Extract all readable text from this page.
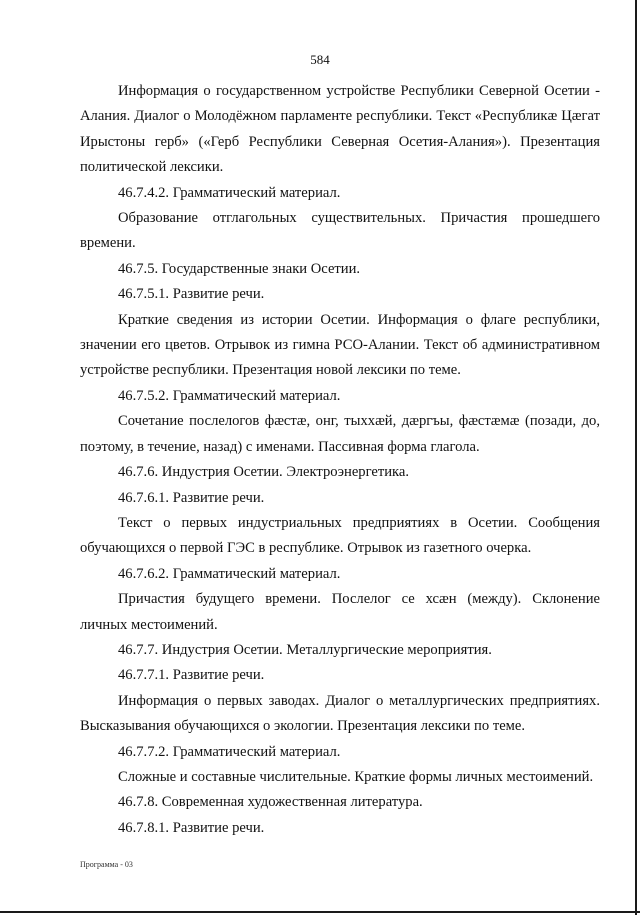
584

Информация о государственном устройстве Республики Северной Осетии - Алания. Диалог о Молодёжном парламенте республики. Текст «Республикæ Цæгат Ирыстоны герб» («Герб Республики Северная Осетия-Алания»). Презентация политической лексики.

46.7.4.2. Грамматический материал.

Образование отглагольных существительных. Причастия прошедшего времени.

46.7.5. Государственные знаки Осетии.

46.7.5.1. Развитие речи.

Краткие сведения из истории Осетии. Информация о флаге республики, значении его цветов. Отрывок из гимна РСО-Алании. Текст об административном устройстве республики. Презентация новой лексики по теме.

46.7.5.2. Грамматический материал.

Сочетание послелогов фæстæ, онг, тыххæй, дæргъы, фæстæмæ (позади, до, поэтому, в течение, назад) с именами. Пассивная форма глагола.

46.7.6. Индустрия Осетии. Электроэнергетика.

46.7.6.1. Развитие речи.

Текст о первых индустриальных предприятиях в Осетии. Сообщения обучающихся о первой ГЭС в республике. Отрывок из газетного очерка.

46.7.6.2. Грамматический материал.

Причастия будущего времени. Послелог се хсæн (между). Склонение личных местоимений.

46.7.7. Индустрия Осетии. Металлургические мероприятия.

46.7.7.1. Развитие речи.

Информация о первых заводах. Диалог о металлургических предприятиях. Высказывания обучающихся о экологии. Презентация лексики по теме.

46.7.7.2. Грамматический материал.

Сложные и составные числительные. Краткие формы личных местоимений.

46.7.8. Современная художественная литература.

46.7.8.1. Развитие речи.

Программа - 03
